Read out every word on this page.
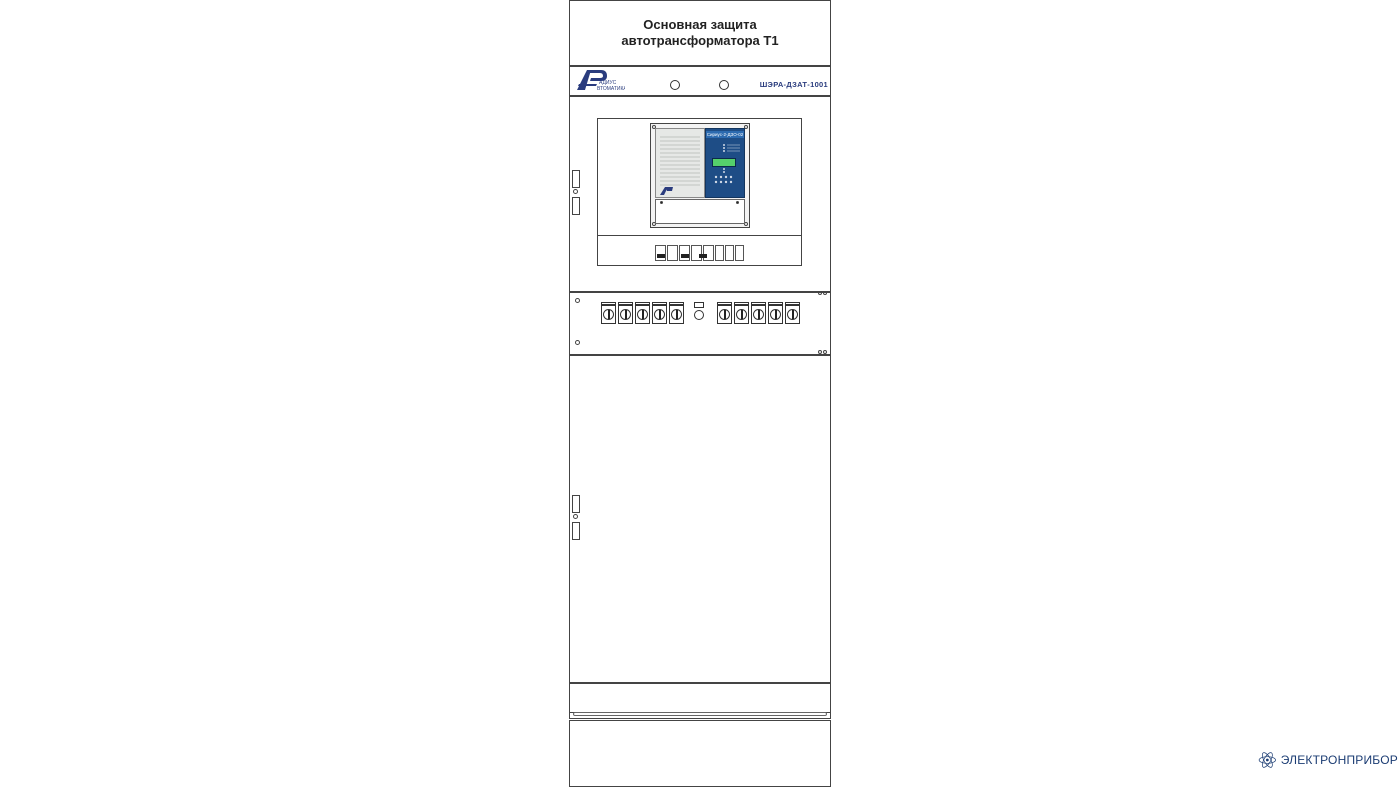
Основная защита
автотрансформатора Т1
АДИУС
ВТОМАТИКА	ШЭРА-ДЗАТ-1001
Сириус-2-ДЗО-02
ЭЛЕКТРОНПРИБОР
